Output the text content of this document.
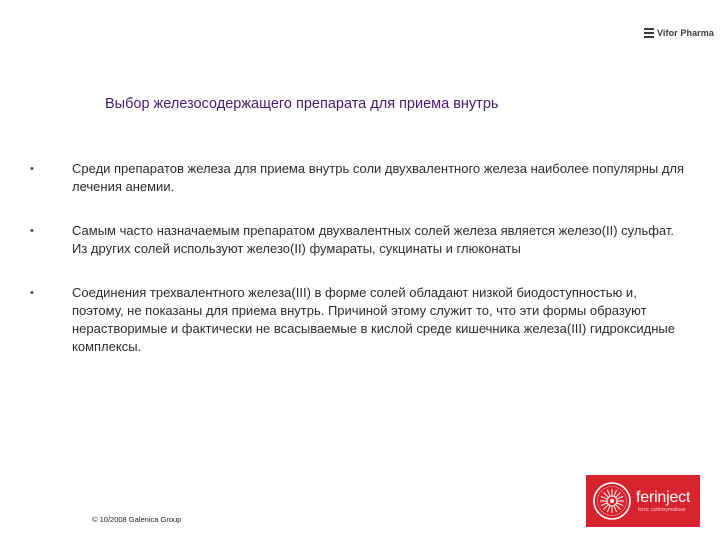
Vifor Pharma
Выбор железосодержащего препарата для приема внутрь
•	Среди препаратов железа для приема внутрь соли двухвалентного железа наиболее популярны для лечения анемии.
•	Самым часто назначаемым препаратом двухвалентных солей железа является железо(II) сульфат. Из других солей используют железо(II) фумараты, сукцинаты и глюконаты
•	Соединения трехвалентного железа(III) в форме солей обладают низкой биодоступностью и, поэтому, не показаны для приема внутрь. Причиной этому служит то, что эти формы образуют нерастворимые и фактически не всасываемые в кислой среде кишечника железа(III) гидроксидные комплексы.
© 10/2008 Galenica Group
ferinject
ferric carboxymaltose
